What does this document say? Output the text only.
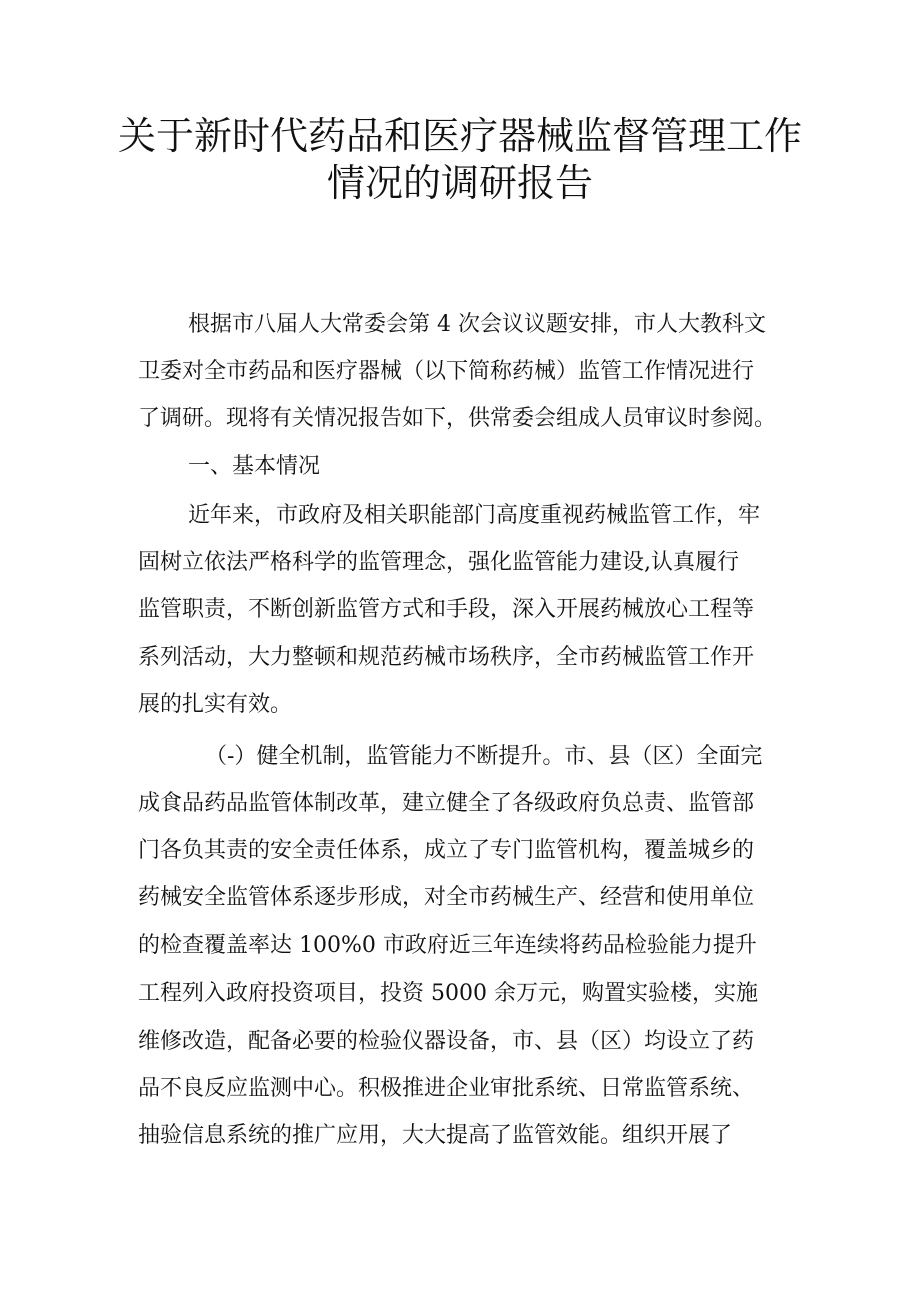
关于新时代药品和医疗器械监督管理工作
情况的调研报告
根据市八届人大常委会第 4 次会议议题安排，市人大教科文
卫委对全市药品和医疗器械（以下简称药械）监管工作情况进行
了调研。现将有关情况报告如下，供常委会组成人员审议时参阅。
一、基本情况
近年来，市政府及相关职能部门高度重视药械监管工作，牢
固树立依法严格科学的监管理念，强化监管能力建设,认真履行
监管职责，不断创新监管方式和手段，深入开展药械放心工程等
系列活动，大力整顿和规范药械市场秩序，全市药械监管工作开
展的扎实有效。
（-）健全机制，监管能力不断提升。市、县（区）全面完
成食品药品监管体制改革，建立健全了各级政府负总责、监管部
门各负其责的安全责任体系，成立了专门监管机构，覆盖城乡的
药械安全监管体系逐步形成，对全市药械生产、经营和使用单位
的检查覆盖率达 100%0 市政府近三年连续将药品检验能力提升
工程列入政府投资项目，投资 5000 余万元，购置实验楼，实施
维修改造，配备必要的检验仪器设备，市、县（区）均设立了药
品不良反应监测中心。积极推进企业审批系统、日常监管系统、
抽验信息系统的推广应用，大大提高了监管效能。组织开展了
